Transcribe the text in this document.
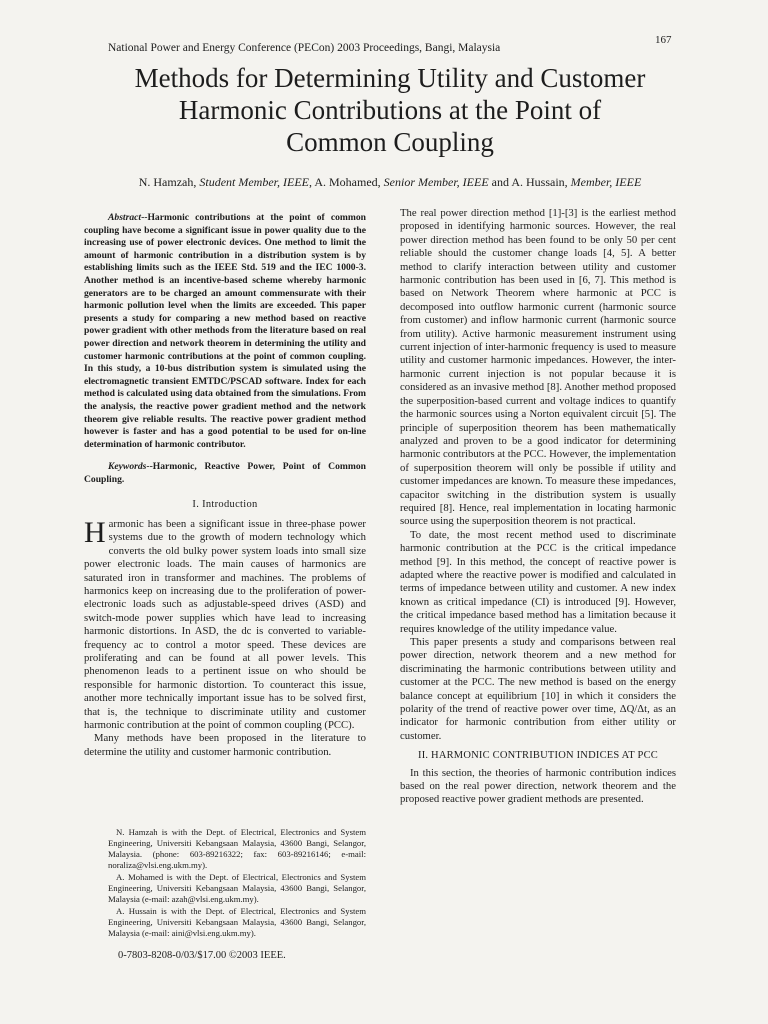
167
National Power and Energy Conference (PECon) 2003 Proceedings, Bangi, Malaysia
Methods for Determining Utility and Customer
Harmonic Contributions at the Point of
Common Coupling
N. Hamzah, Student Member, IEEE, A. Mohamed, Senior Member, IEEE and A. Hussain, Member, IEEE

Abstract--Harmonic contributions at the point of common coupling have become a significant issue in power quality due to the increasing use of power electronic devices. One method to limit the amount of harmonic contribution in a distribution system is by establishing limits such as the IEEE Std. 519 and the IEC 1000-3. Another method is an incentive-based scheme whereby harmonic generators are to be charged an amount commensurate with their harmonic pollution level when the limits are exceeded. This paper presents a study for comparing a new method based on reactive power gradient with other methods from the literature based on real power direction and network theorem in determining the utility and customer harmonic contributions at the point of common coupling. In this study, a 10-bus distribution system is simulated using the electromagnetic transient EMTDC/PSCAD software. Index for each method is calculated using data obtained from the simulations. From the analysis, the reactive power gradient method and the network theorem give reliable results. The reactive power gradient method however is faster and has a good potential to be used for on-line determination of harmonic contributor.

Keywords--Harmonic, Reactive Power, Point of Common Coupling.

I. Introduction

Harmonic has been a significant issue in three-phase power systems due to the growth of modern technology which converts the old bulky power system loads into small size power electronic loads. The main causes of harmonics are saturated iron in transformer and machines. The problems of harmonics keep on increasing due to the proliferation of power-electronic loads such as adjustable-speed drives (ASD) and switch-mode power supplies which have lead to increasing harmonic distortions. In ASD, the dc is converted to variable-frequency ac to control a motor speed. These devices are proliferating and can be found at all power levels. This phenomenon leads to a pertinent issue on who should be responsible for harmonic distortion. To counteract this issue, another more technically important issue has to be solved first, that is, the technique to discriminate utility and customer harmonic contribution at the point of common coupling (PCC).

Many methods have been proposed in the literature to determine the utility and customer harmonic contribution.

N. Hamzah is with the Dept. of Electrical, Electronics and System Engineering, Universiti Kebangsaan Malaysia, 43600 Bangi, Selangor, Malaysia. (phone: 603-89216322; fax: 603-89216146; e-mail: noraliza@vlsi.eng.ukm.my).

A. Mohamed is with the Dept. of Electrical, Electronics and System Engineering, Universiti Kebangsaan Malaysia, 43600 Bangi, Selangor, Malaysia (e-mail: azah@vlsi.eng.ukm.my).

A. Hussain is with the Dept. of Electrical, Electronics and System Engineering, Universiti Kebangsaan Malaysia, 43600 Bangi, Selangor, Malaysia (e-mail: aini@vlsi.eng.ukm.my).

0-7803-8208-0/03/$17.00 ©2003 IEEE.

The real power direction method [1]-[3] is the earliest method proposed in identifying harmonic sources. However, the real power direction method has been found to be only 50 per cent reliable should the customer change loads [4, 5]. A better method to clarify interaction between utility and customer harmonic contribution has been used in [6, 7]. This method is based on Network Theorem where harmonic at PCC is decomposed into outflow harmonic current (harmonic source from customer) and inflow harmonic current (harmonic source from utility). Active harmonic measurement instrument using current injection of inter-harmonic frequency is used to measure utility and customer harmonic impedances. However, the inter-harmonic current injection is not popular because it is considered as an invasive method [8]. Another method proposed the superposition-based current and voltage indices to quantify the harmonic sources using a Norton equivalent circuit [5]. The principle of superposition theorem has been mathematically analyzed and proven to be a good indicator for determining harmonic contributors at the PCC. However, the implementation of superposition theorem will only be possible if utility and customer impedances are known. To measure these impedances, capacitor switching in the distribution system is usually required [8]. Hence, real implementation in locating harmonic source using the superposition theorem is not practical.

To date, the most recent method used to discriminate harmonic contribution at the PCC is the critical impedance method [9]. In this method, the concept of reactive power is adapted where the reactive power is modified and calculated in terms of impedance between utility and customer. A new index known as critical impedance (CI) is introduced [9]. However, the critical impedance based method has a limitation because it requires knowledge of the utility impedance value.

This paper presents a study and comparisons between real power direction, network theorem and a new method for discriminating the harmonic contributions between utility and customer at the PCC. The new method is based on the energy balance concept at equilibrium [10] in which it considers the polarity of the trend of reactive power over time, ΔQ/Δt, as an indicator for harmonic contribution from either utility or customer.

II. HARMONIC CONTRIBUTION INDICES AT PCC

In this section, the theories of harmonic contribution indices based on the real power direction, network theorem and the proposed reactive power gradient methods are presented.
